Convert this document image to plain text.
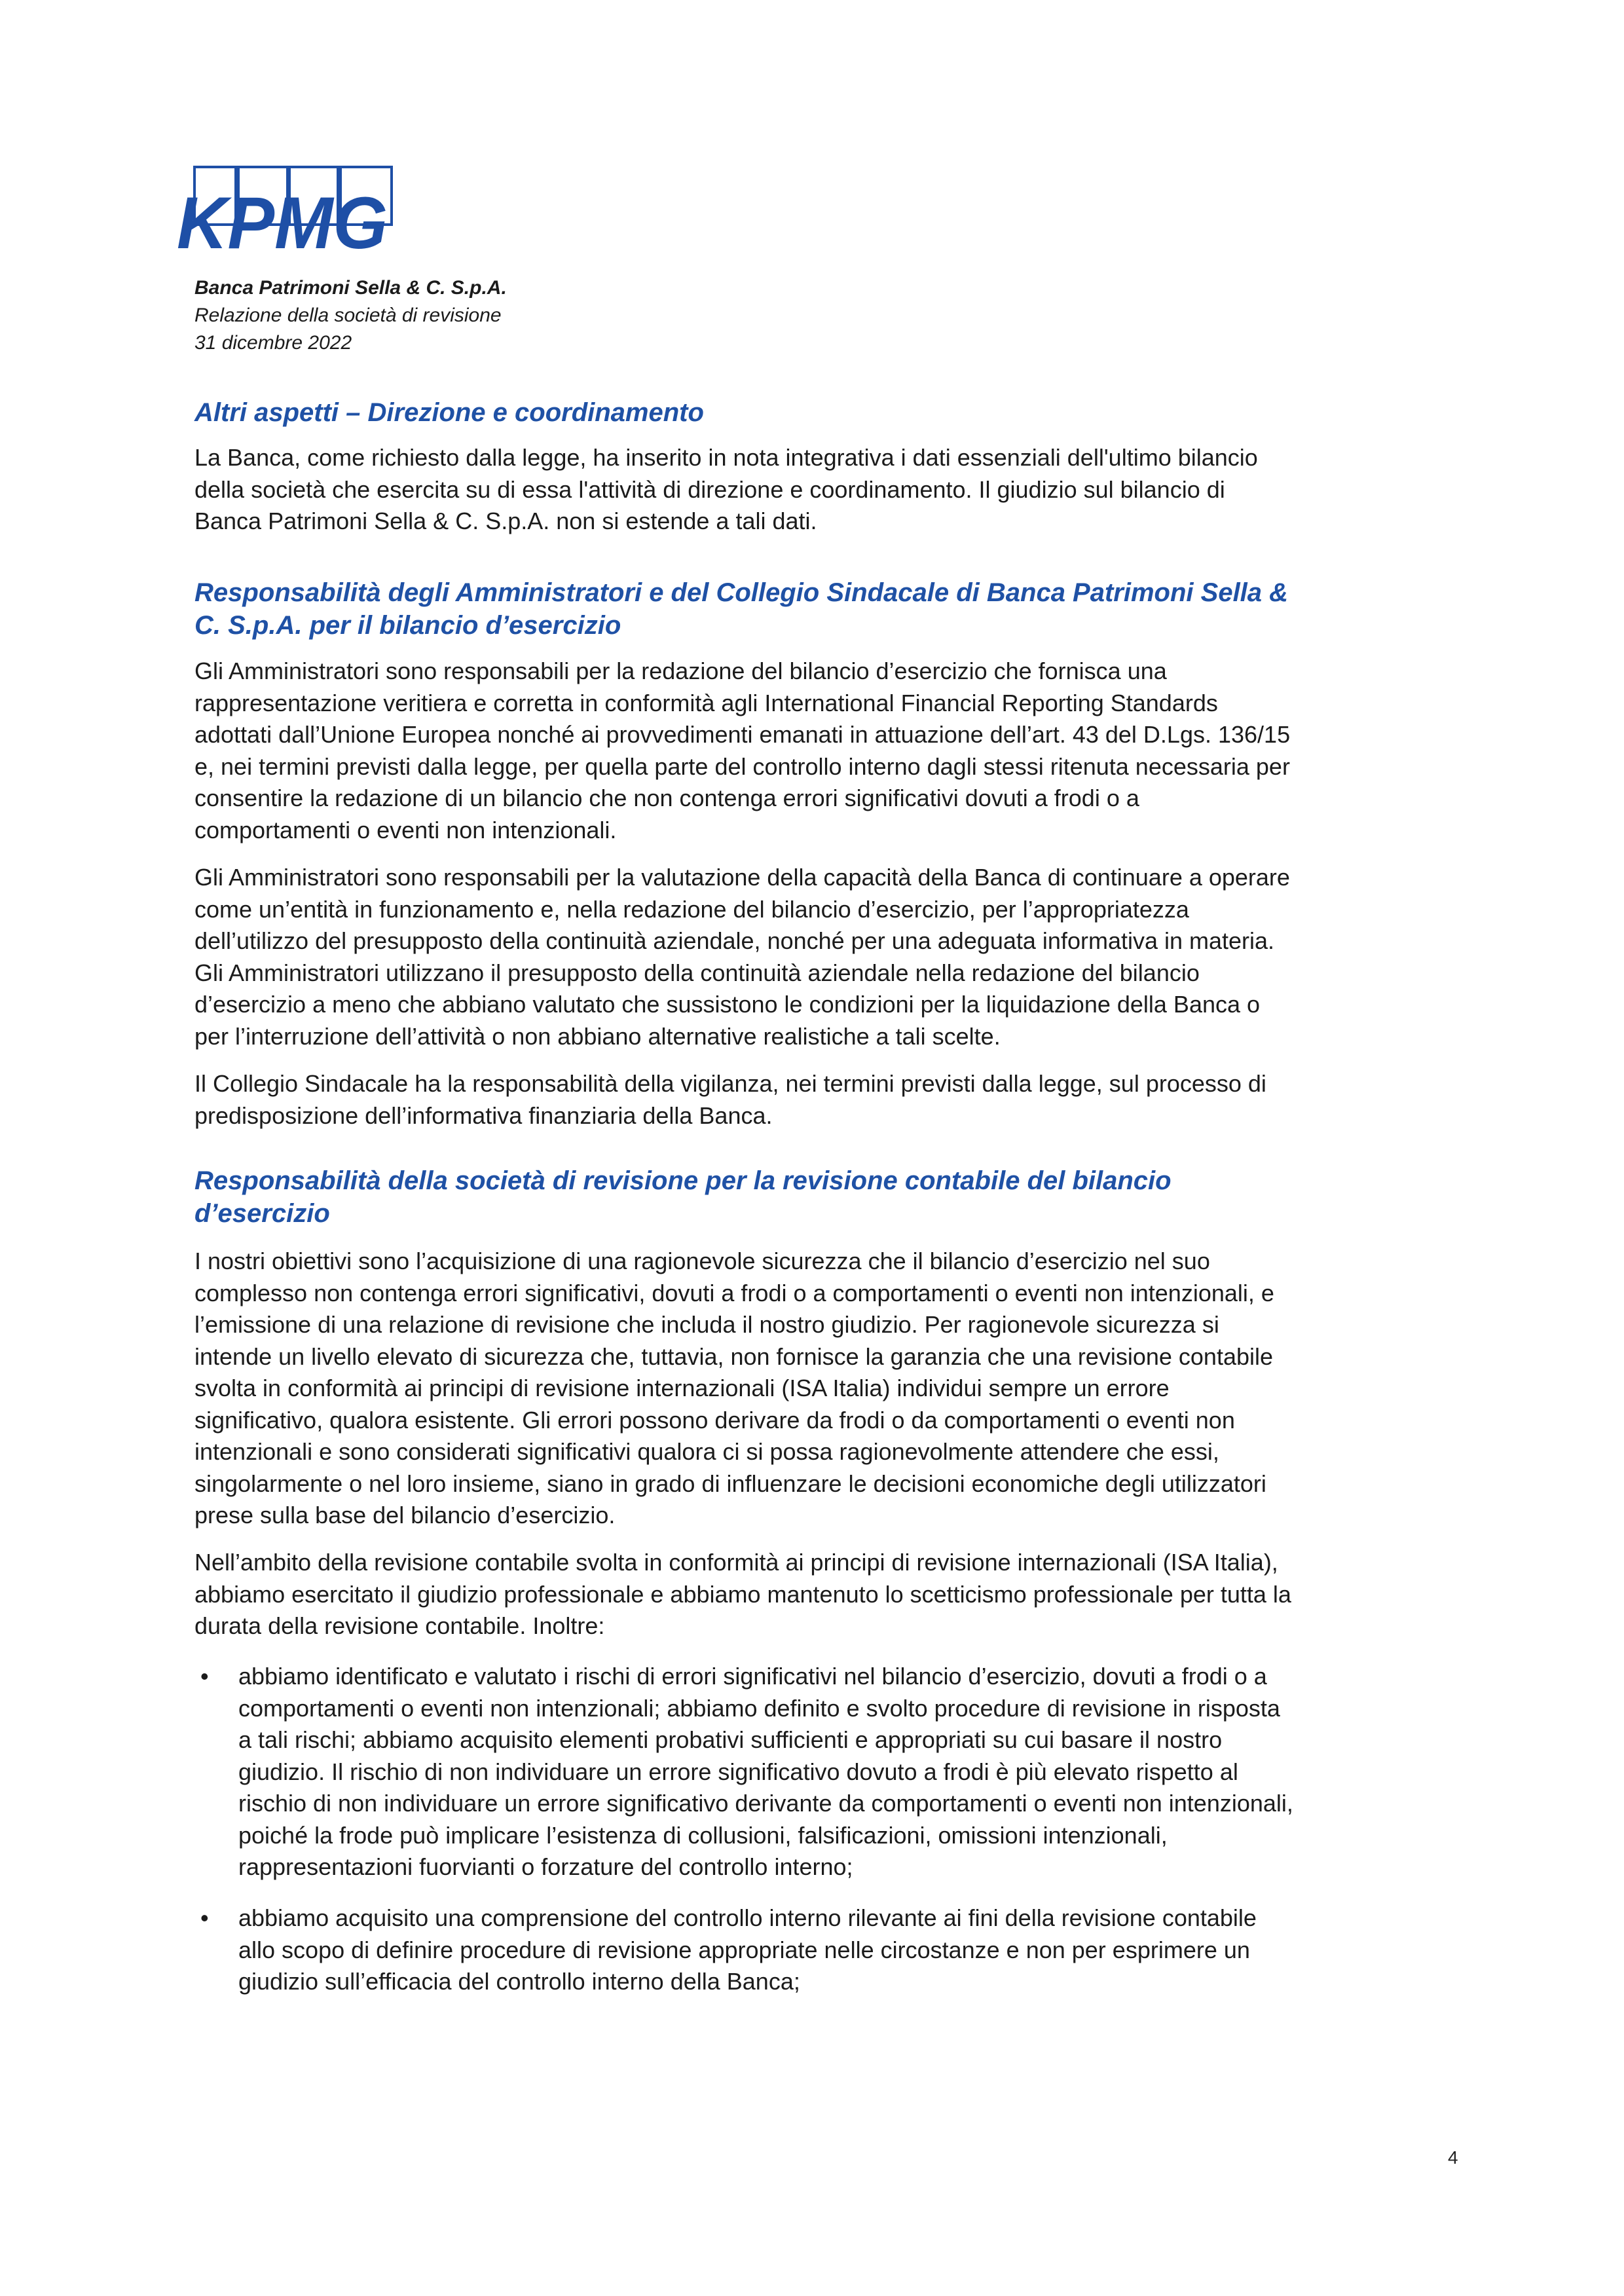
KPMG
Banca Patrimoni Sella & C. S.p.A.
Relazione della società di revisione
31 dicembre 2022
Altri aspetti – Direzione e coordinamento
La Banca, come richiesto dalla legge, ha inserito in nota integrativa i dati essenziali dell'ultimo bilancio
della società che esercita su di essa l'attività di direzione e coordinamento. Il giudizio sul bilancio di
Banca Patrimoni Sella & C. S.p.A. non si estende a tali dati.
Responsabilità degli Amministratori e del Collegio Sindacale di Banca Patrimoni Sella &
C. S.p.A. per il bilancio d’esercizio
Gli Amministratori sono responsabili per la redazione del bilancio d’esercizio che fornisca una
rappresentazione veritiera e corretta in conformità agli International Financial Reporting Standards
adottati dall’Unione Europea nonché ai provvedimenti emanati in attuazione dell’art. 43 del D.Lgs. 136/15
e, nei termini previsti dalla legge, per quella parte del controllo interno dagli stessi ritenuta necessaria per
consentire la redazione di un bilancio che non contenga errori significativi dovuti a frodi o a
comportamenti o eventi non intenzionali.
Gli Amministratori sono responsabili per la valutazione della capacità della Banca di continuare a operare
come un’entità in funzionamento e, nella redazione del bilancio d’esercizio, per l’appropriatezza
dell’utilizzo del presupposto della continuità aziendale, nonché per una adeguata informativa in materia.
Gli Amministratori utilizzano il presupposto della continuità aziendale nella redazione del bilancio
d’esercizio a meno che abbiano valutato che sussistono le condizioni per la liquidazione della Banca o
per l’interruzione dell’attività o non abbiano alternative realistiche a tali scelte.
Il Collegio Sindacale ha la responsabilità della vigilanza, nei termini previsti dalla legge, sul processo di
predisposizione dell’informativa finanziaria della Banca.
Responsabilità della società di revisione per la revisione contabile del bilancio
d’esercizio
I nostri obiettivi sono l’acquisizione di una ragionevole sicurezza che il bilancio d’esercizio nel suo
complesso non contenga errori significativi, dovuti a frodi o a comportamenti o eventi non intenzionali, e
l’emissione di una relazione di revisione che includa il nostro giudizio. Per ragionevole sicurezza si
intende un livello elevato di sicurezza che, tuttavia, non fornisce la garanzia che una revisione contabile
svolta in conformità ai principi di revisione internazionali (ISA Italia) individui sempre un errore
significativo, qualora esistente. Gli errori possono derivare da frodi o da comportamenti o eventi non
intenzionali e sono considerati significativi qualora ci si possa ragionevolmente attendere che essi,
singolarmente o nel loro insieme, siano in grado di influenzare le decisioni economiche degli utilizzatori
prese sulla base del bilancio d’esercizio.
Nell’ambito della revisione contabile svolta in conformità ai principi di revisione internazionali (ISA Italia),
abbiamo esercitato il giudizio professionale e abbiamo mantenuto lo scetticismo professionale per tutta la
durata della revisione contabile. Inoltre:
•
abbiamo identificato e valutato i rischi di errori significativi nel bilancio d’esercizio, dovuti a frodi o a
comportamenti o eventi non intenzionali; abbiamo definito e svolto procedure di revisione in risposta
a tali rischi; abbiamo acquisito elementi probativi sufficienti e appropriati su cui basare il nostro
giudizio. Il rischio di non individuare un errore significativo dovuto a frodi è più elevato rispetto al
rischio di non individuare un errore significativo derivante da comportamenti o eventi non intenzionali,
poiché la frode può implicare l’esistenza di collusioni, falsificazioni, omissioni intenzionali,
rappresentazioni fuorvianti o forzature del controllo interno;
•
abbiamo acquisito una comprensione del controllo interno rilevante ai fini della revisione contabile
allo scopo di definire procedure di revisione appropriate nelle circostanze e non per esprimere un
giudizio sull’efficacia del controllo interno della Banca;
4
